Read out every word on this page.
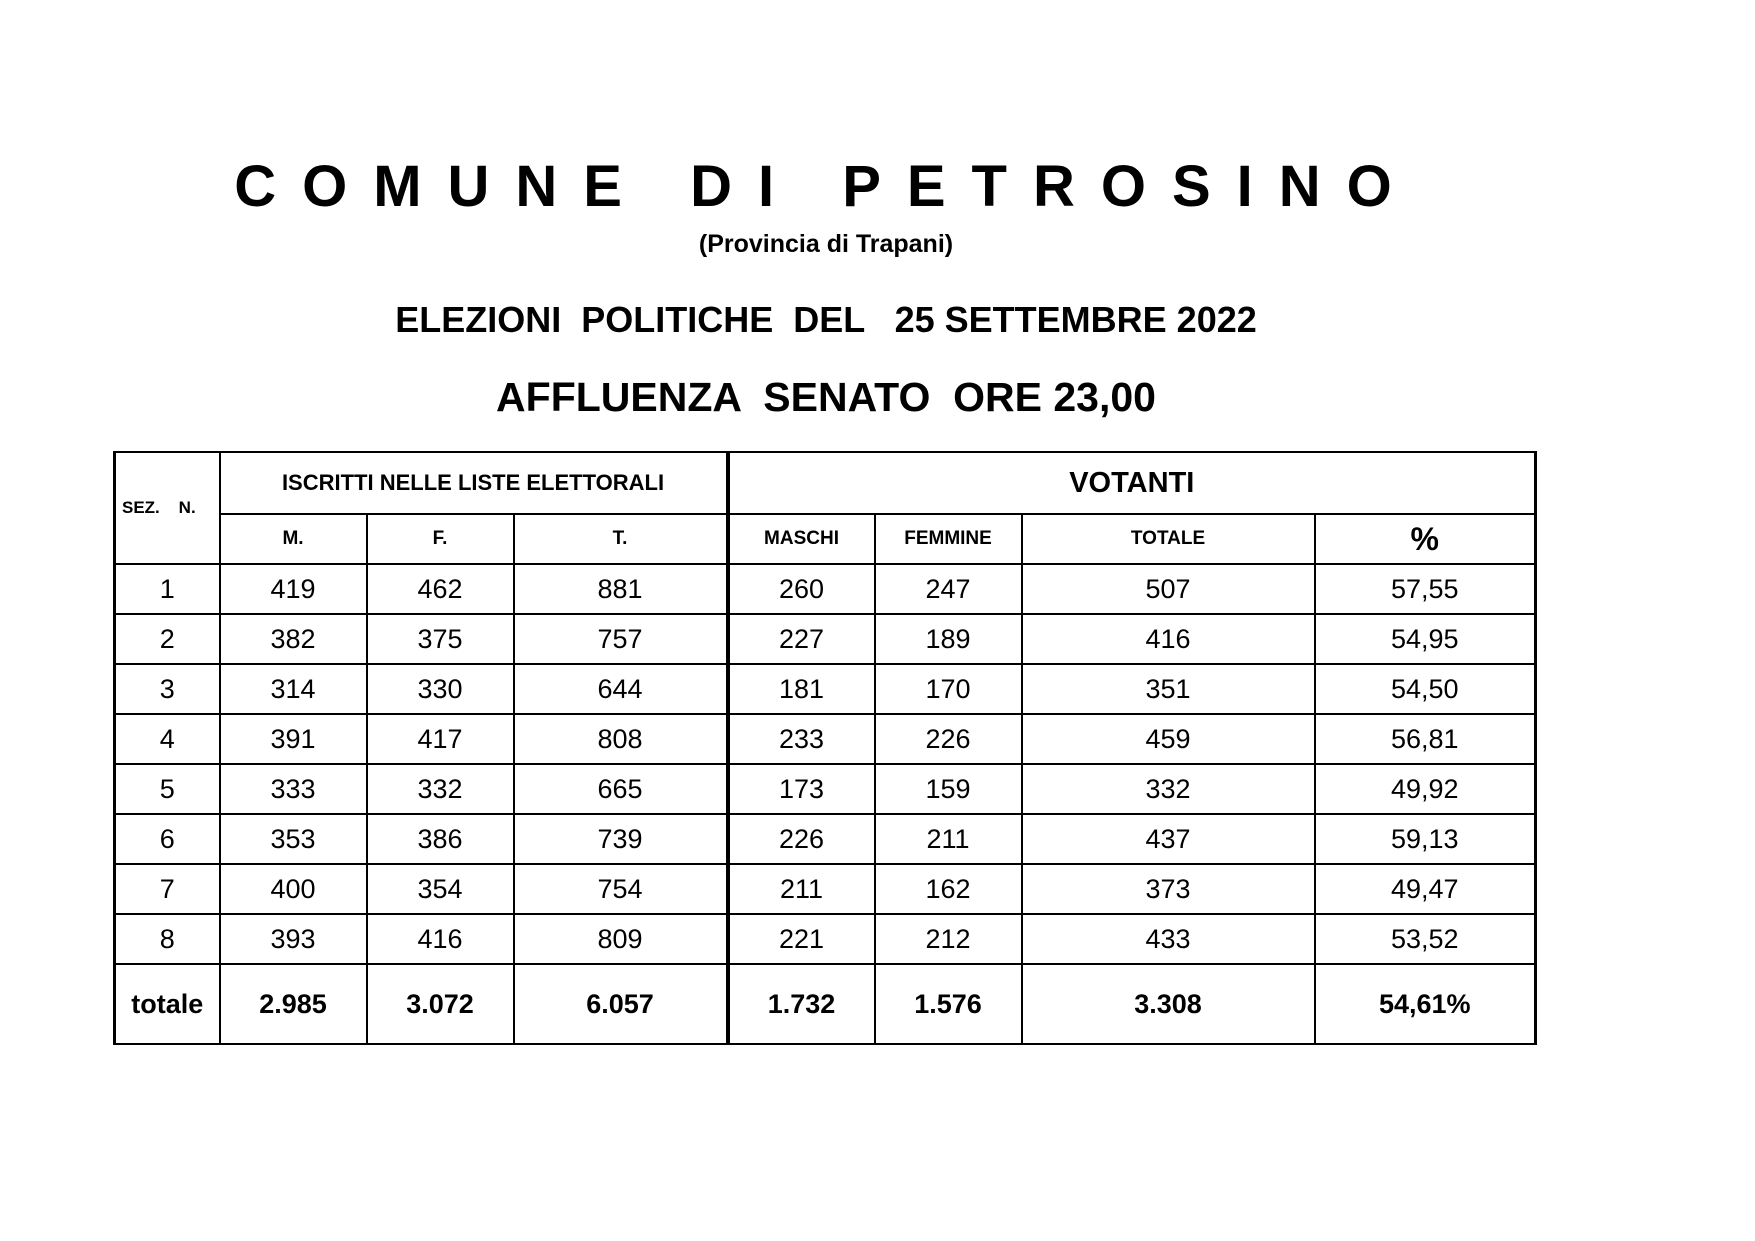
COMUNE DI PETROSINO
(Provincia di Trapani)
ELEZIONI  POLITICHE  DEL   25 SETTEMBRE 2022
AFFLUENZA  SENATO  ORE 23,00
SEZ.    N.	ISCRITTI NELLE LISTE ELETTORALI			VOTANTI			
	M.	F.	T.	MASCHI	FEMMINE	TOTALE	%
1	419	462	881	260	247	507	57,55
2	382	375	757	227	189	416	54,95
3	314	330	644	181	170	351	54,50
4	391	417	808	233	226	459	56,81
5	333	332	665	173	159	332	49,92
6	353	386	739	226	211	437	59,13
7	400	354	754	211	162	373	49,47
8	393	416	809	221	212	433	53,52
totale	2.985	3.072	6.057	1.732	1.576	3.308	54,61%
